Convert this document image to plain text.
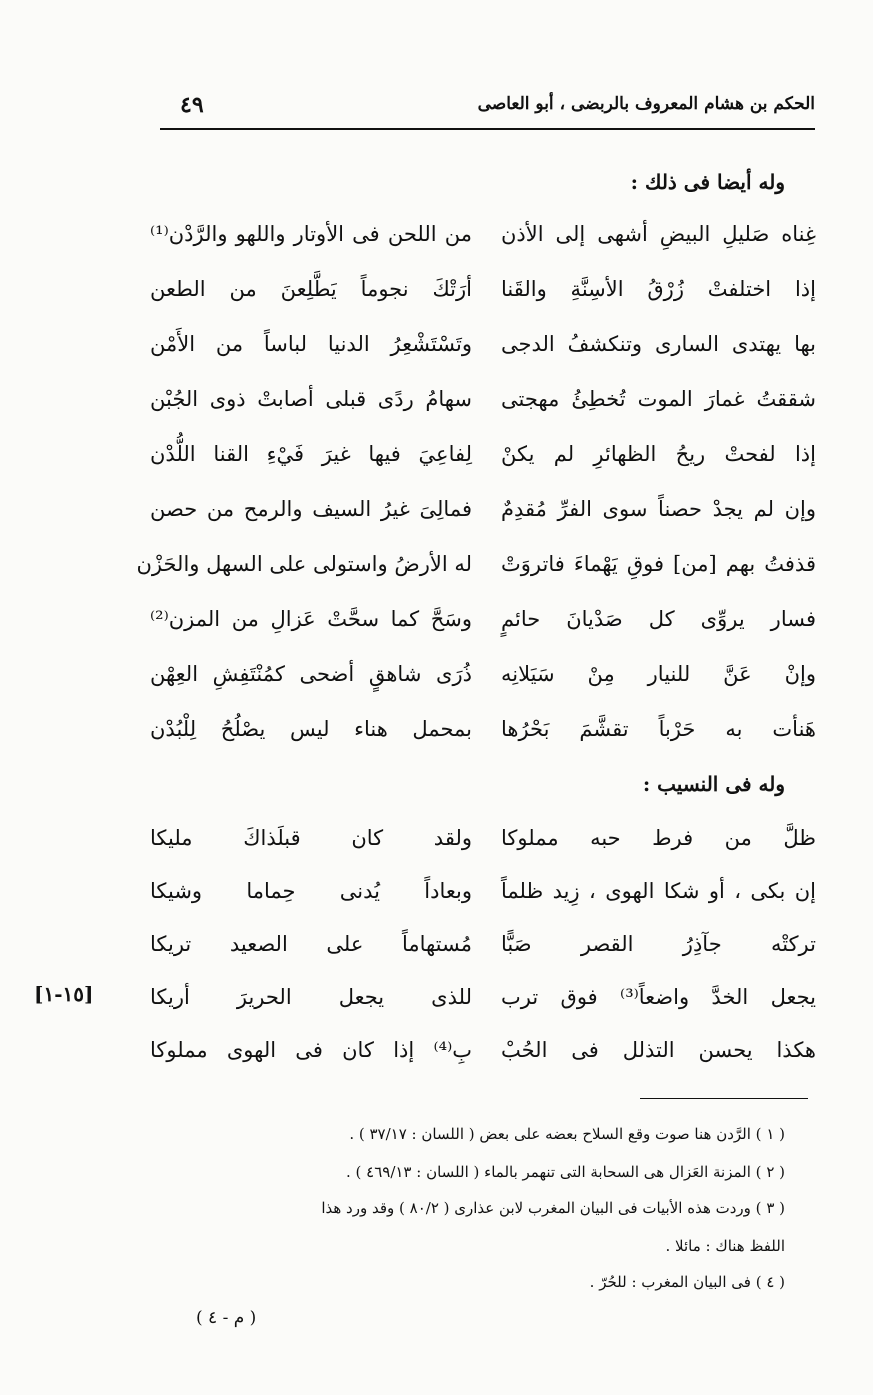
الحكم بن هشام المعروف بالربضى ، أبو العاصى
٤٩
وله أيضا فى ذلك :
غِناه صَليلِ البيضِ أشهى إلى الأذن
من اللحن فى الأوتار واللهو والرَّدْن⁽¹⁾
إذا اختلفتْ زُرْقُ الأسِنَّةِ والقَنا
أرَتْكَ نجوماً يَطَّلِعنَ من الطعن
بها يهتدى السارى وتنكشفُ الدجى
وتَسْتَشْعِرُ الدنيا لباساً من الأَمْن
شققتُ غمارَ الموت تُخطِئُ مهجتى
سهامُ ردًى قبلى أصابتْ ذوى الجُبْن
إذا لفحتْ ريحُ الظهائرِ لم يكنْ
لِفاعِيَ فيها غيرَ فَيْءِ القنا اللُّدْن
وإن لم يجدْ حصناً سوى الفرِّ مُقدِمٌ
فمالِىَ غيرُ السيف والرمح من حصن
قذفتُ بهم [من] فوقِ يَهْماءَ فاتروَتْ
له الأرضُ واستولى على السهل والحَزْن
فسار يروِّى كل صَدْيانَ حائمٍ
وسَحَّ كما سحَّتْ عَزالِ من المزن⁽²⁾
وإنْ عَنَّ للنيار مِنْ سَيَلانِه
ذُرَى شاهقٍ أضحى كمُنْتَفِشِ العِهْن
هَنأت به حَرْباً تقشَّمَ بَحْرُها
بمحمل هناء ليس يصْلُحُ لِلْبُدْن
وله فى النسيب :
ظلَّ من فرط حبه مملوكا
ولقد كان قبلَذاكَ مليكا
إن بكى ، أو شكا الهوى ، زِيد ظلماً
وبعاداً يُدنى حِماما وشيكا
تركتْه جآذِرُ القصر صَبًّا
مُستهاماً على الصعيد تريكا
يجعل الخدَّ واضعاً⁽³⁾ فوق ترب
للذى يجعل الحريرَ أريكا
هكذا يحسن التذلل فى الحُبْ
بِ⁽⁴⁾ إذا كان فى الهوى مملوكا
[١٥-١]
( ١ ) الرَّدن هنا صوت وقع السلاح بعضه على بعض ( اللسان : ٣٧/١٧ ) .
( ٢ ) المزنة العَزال هى السحابة التى تنهمر بالماء ( اللسان : ٤٦٩/١٣ ) .
( ٣ ) وردت هذه الأبيات فى البيان المغرب لابن عذارى ( ٨٠/٢ ) وقد ورد هذا
اللفظ هناك : مائلا .
( ٤ ) فى البيان المغرب : للحُرّ .
( م - ٤ )
